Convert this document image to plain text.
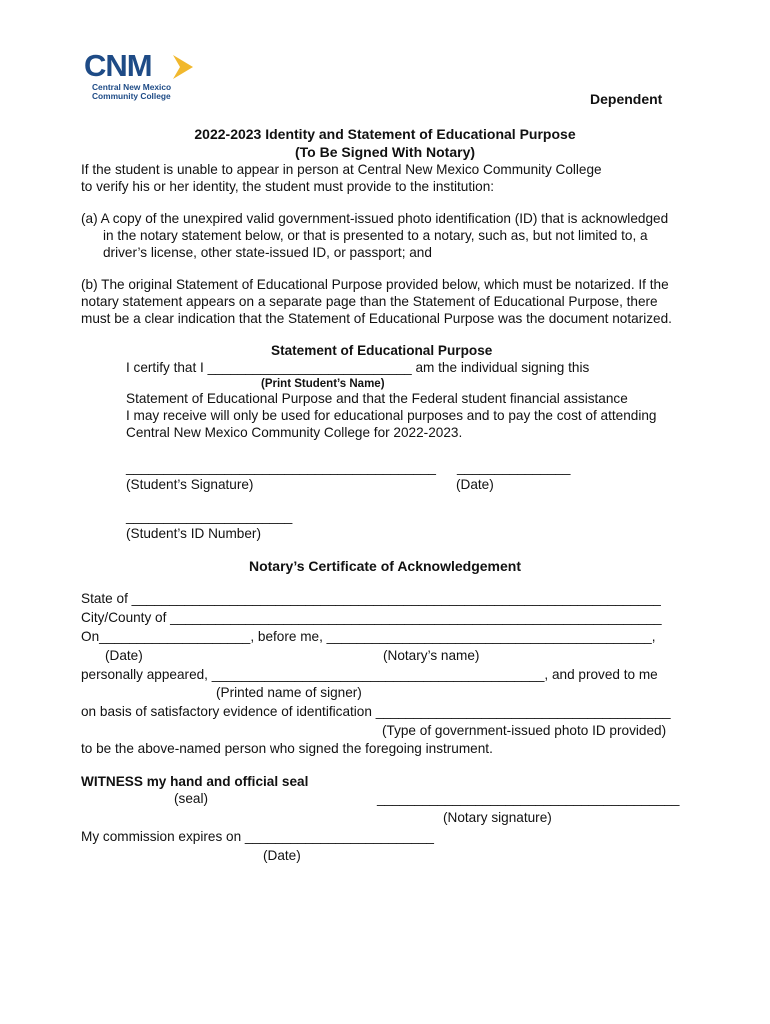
CNM
Central New Mexico
Community College	Dependent
2022-2023 Identity and Statement of Educational Purpose
(To Be Signed With Notary)
If the student is unable to appear in person at Central New Mexico Community College
to verify his or her identity, the student must provide to the institution:
(a) A copy of the unexpired valid government-issued photo identification (ID) that is acknowledged
in the notary statement below, or that is presented to a notary, such as, but not limited to, a
driver’s license, other state-issued ID, or passport; and
(b) The original Statement of Educational Purpose provided below, which must be notarized. If the
notary statement appears on a separate page than the Statement of Educational Purpose, there
must be a clear indication that the Statement of Educational Purpose was the document notarized.
Statement of Educational Purpose
I certify that I ___________________________ am the individual signing this
(Print Student’s Name)
Statement of Educational Purpose and that the Federal student financial assistance
I may receive will only be used for educational purposes and to pay the cost of attending
Central New Mexico Community College for 2022-2023.
_________________________________________ _______________
(Student’s Signature)	(Date)
______________________
(Student’s ID Number)
Notary’s Certificate of Acknowledgement
State of ______________________________________________________________________
City/County of _________________________________________________________________
On____________________, before me, ___________________________________________,
(Date)	(Notary’s name)
personally appeared, ____________________________________________, and proved to me
(Printed name of signer)
on basis of satisfactory evidence of identification _______________________________________
(Type of government-issued photo ID provided)
to be the above-named person who signed the foregoing instrument.
WITNESS my hand and official seal
(seal)	________________________________________
(Notary signature)
My commission expires on _________________________
(Date)
